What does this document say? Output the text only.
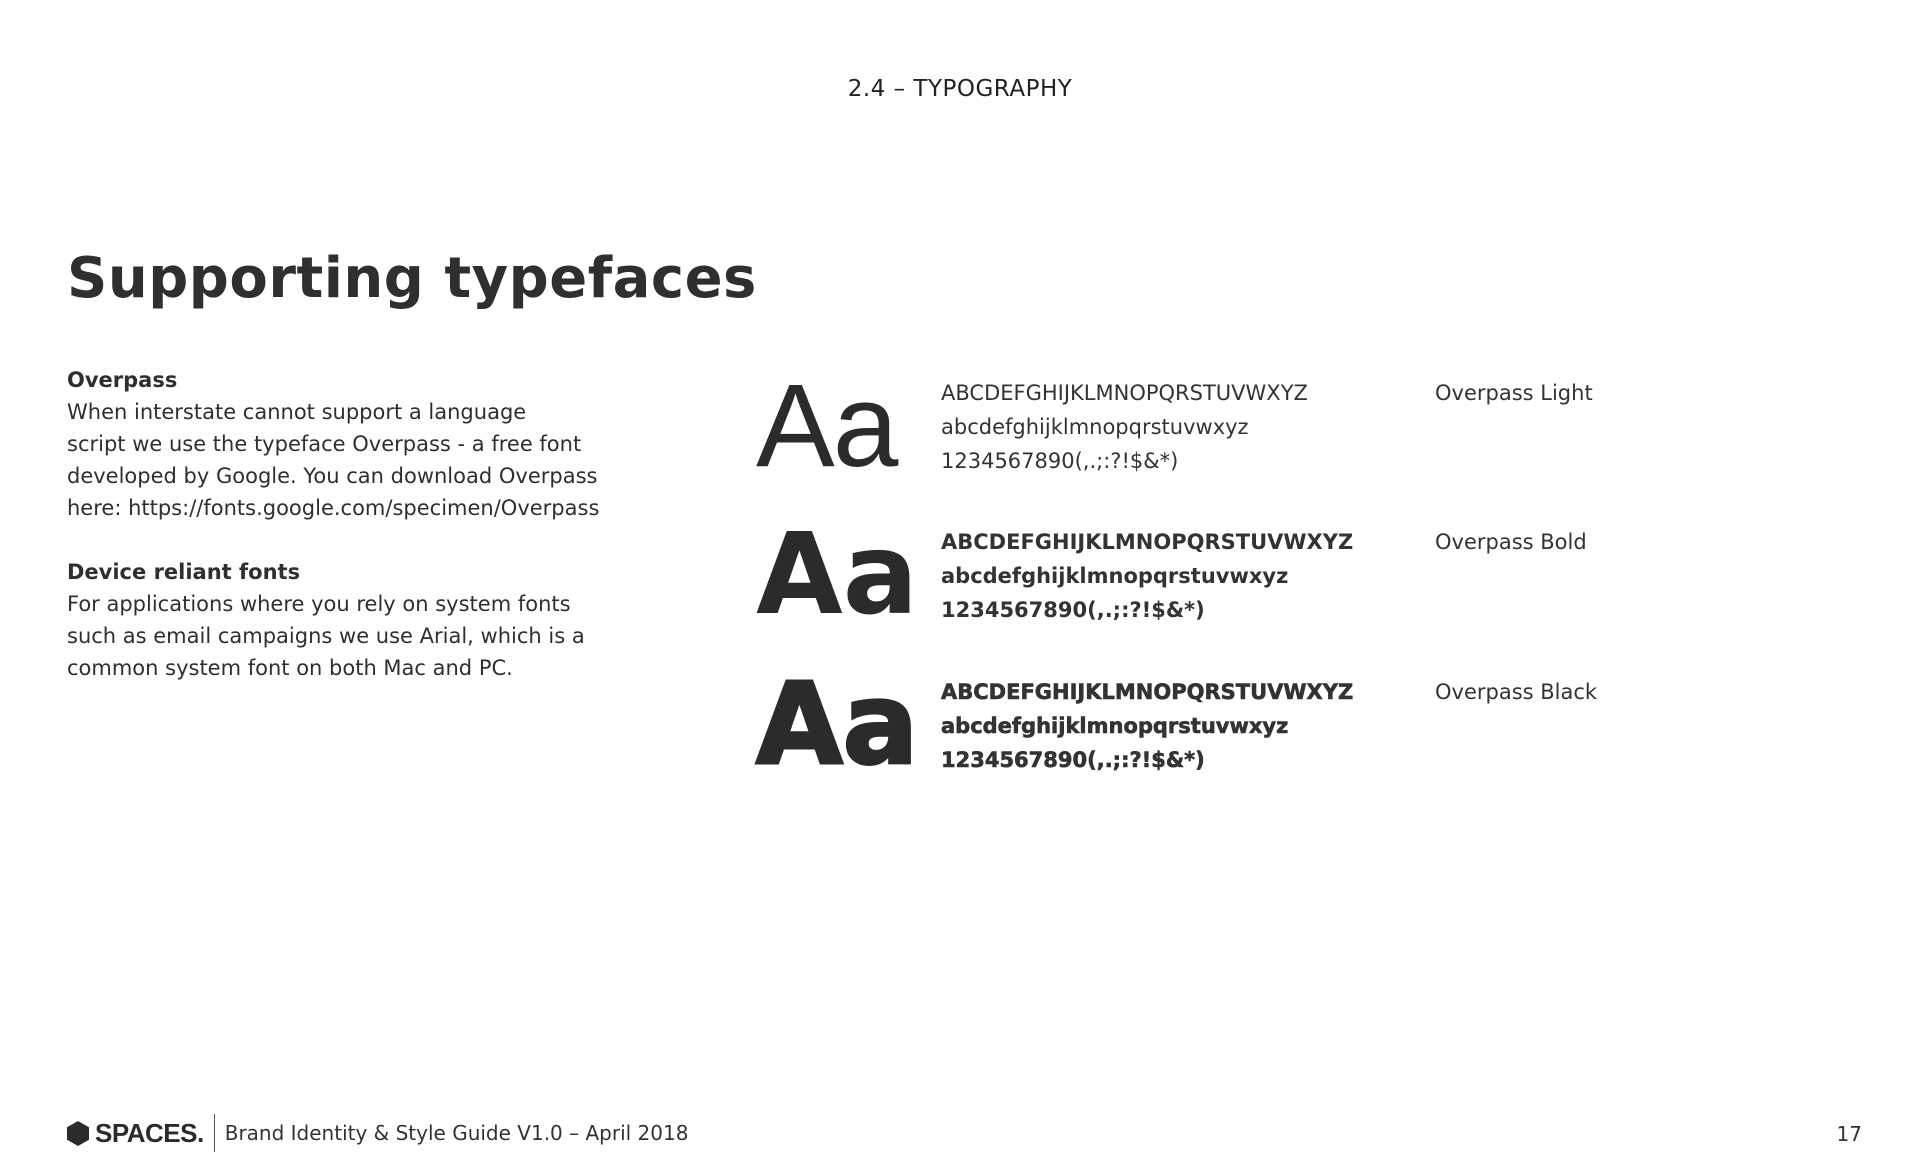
2.4 – TYPOGRAPHY
Supporting typefaces
Overpass
When interstate cannot support a language
script we use the typeface Overpass - a free font
developed by Google. You can download Overpass
here: https://fonts.google.com/specimen/Overpass
Device reliant fonts
For applications where you rely on system fonts
such as email campaigns we use Arial, which is a
common system font on both Mac and PC.
Aa ABCDEFGHIJKLMNOPQRSTUVWXYZ
abcdefghijklmnopqrstuvwxyz
1234567890(,.;:?!$&*)
Overpass Light
Aa ABCDEFGHIJKLMNOPQRSTUVWXYZ
abcdefghijklmnopqrstuvwxyz
1234567890(,.;:?!$&*)
Overpass Bold
Aa ABCDEFGHIJKLMNOPQRSTUVWXYZ
abcdefghijklmnopqrstuvwxyz
1234567890(,.;:?!$&*)
Overpass Black
SPACES. Brand Identity & Style Guide V1.0 – April 2018	17
